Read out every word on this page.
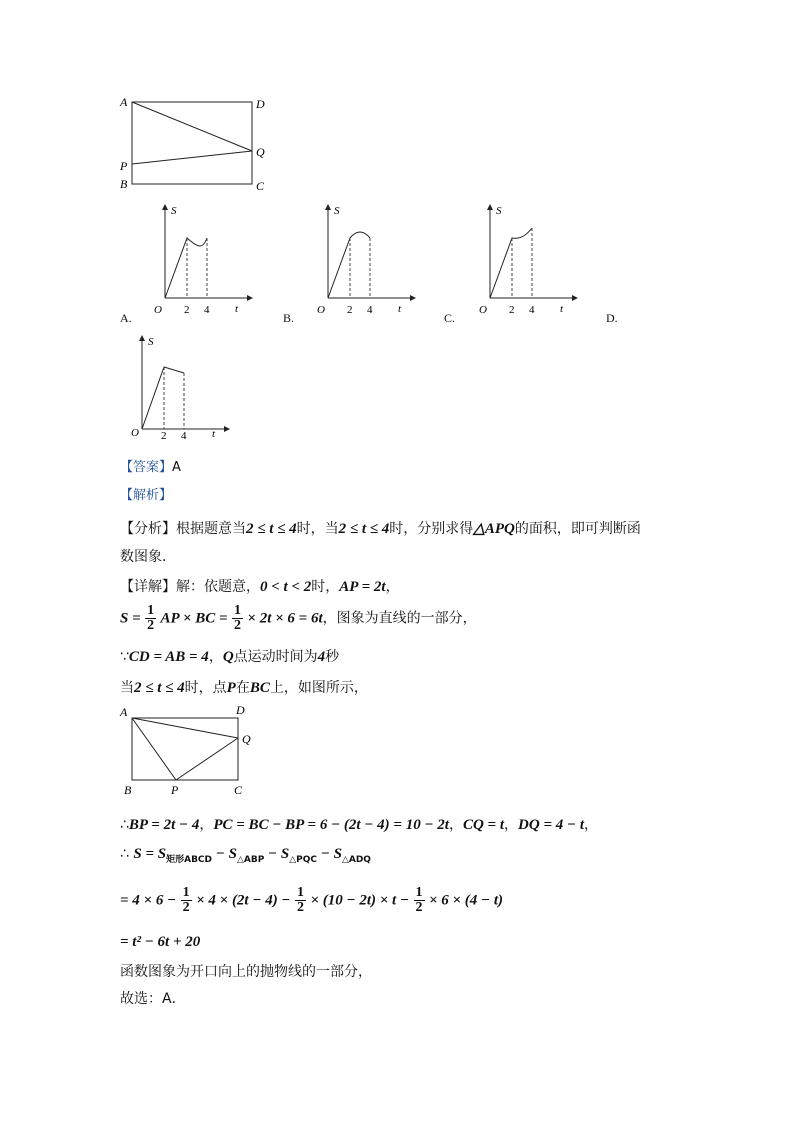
A	D
P
Q
B	C
S
O 2 4 t
A.
S
O 2 4 t
B.
S
O 2 4 t
C.	D.
S
O 2 4 t
【答案】A
【解析】
【分析】根据题意当2 ≤ t ≤ 4时，当2 ≤ t ≤ 4时，分别求得△APQ的面积，即可判断函
数图象．
【详解】解：依题意，0 < t < 2时，AP = 2t，
$S = \frac{1}{2}$ AP × BC = $\frac{1}{2} \times 2t \times 6 = 6t$，图象为直线的一部分，
∵CD = AB = 4，Q点运动时间为4秒
当2 ≤ t ≤ 4时，点P在BC上，如图所示，
A	D
Q
B	P	C
∴BP = 2t − 4，PC = BC − BP = 6 − (2t − 4) = 10 − 2t，CQ = t，DQ = 4 − t，
∴ $S = S_{矩形ABCD} - S_{\triangle ABP} - S_{\triangle PQC} - S_{\triangle ADQ}$
= $4 \times 6 - \frac{1}{2} \times 4 \times (2t - 4) - \frac{1}{2} \times (10 - 2t) \times t - \frac{1}{2} \times 6 \times (4 - t)$
= t² − 6t + 20
函数图象为开口向上的抛物线的一部分，
故选：A．
